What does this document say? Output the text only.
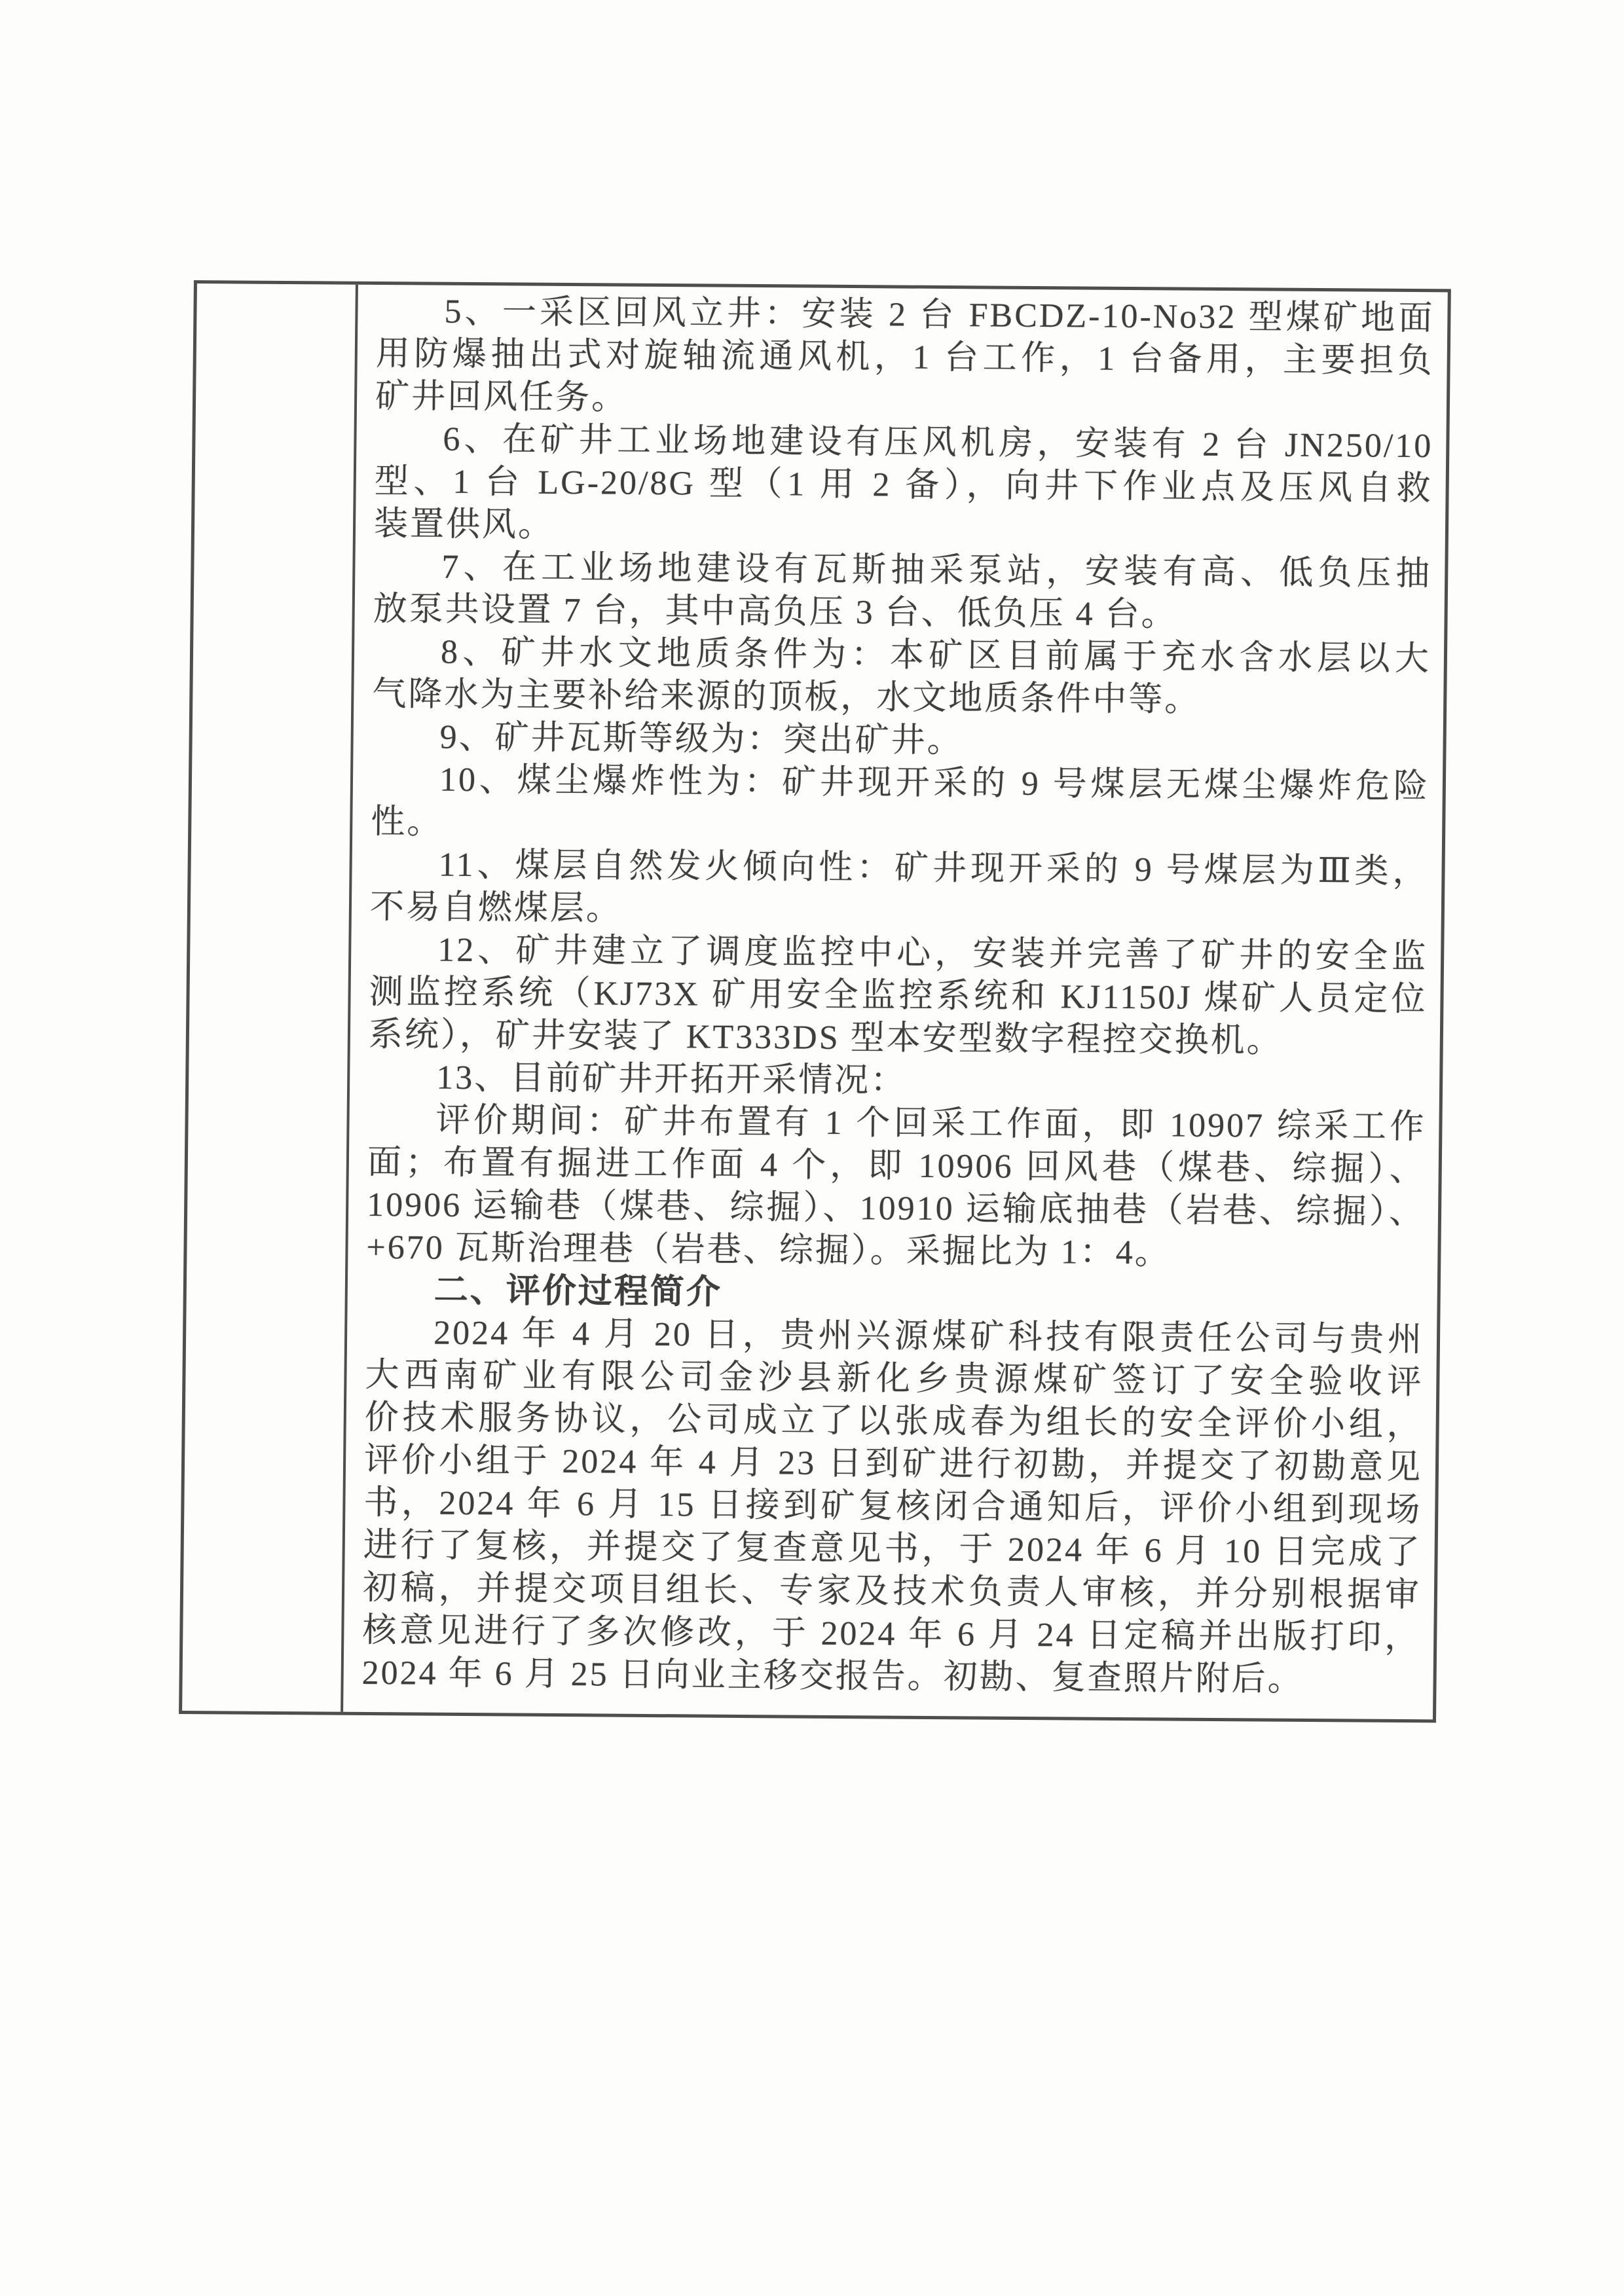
5、一采区回风立井：安装 2 台 FBCDZ-10-No32 型煤矿地面
用防爆抽出式对旋轴流通风机，1 台工作，1 台备用，主要担负
矿井回风任务。
6、在矿井工业场地建设有压风机房，安装有 2 台 JN250/10
型、1 台 LG-20/8G 型（1 用 2 备），向井下作业点及压风自救
装置供风。
7、在工业场地建设有瓦斯抽采泵站，安装有高、低负压抽
放泵共设置 7 台，其中高负压 3 台、低负压 4 台。
8、矿井水文地质条件为：本矿区目前属于充水含水层以大
气降水为主要补给来源的顶板，水文地质条件中等。
9、矿井瓦斯等级为：突出矿井。
10、煤尘爆炸性为：矿井现开采的 9 号煤层无煤尘爆炸危险
性。
11、煤层自然发火倾向性：矿井现开采的 9 号煤层为Ⅲ类，
不易自燃煤层。
12、矿井建立了调度监控中心，安装并完善了矿井的安全监
测监控系统（KJ73X 矿用安全监控系统和 KJ1150J 煤矿人员定位
系统），矿井安装了 KT333DS 型本安型数字程控交换机。
13、目前矿井开拓开采情况：
评价期间：矿井布置有 1 个回采工作面，即 10907 综采工作
面；布置有掘进工作面 4 个，即 10906 回风巷（煤巷、综掘）、
10906 运输巷（煤巷、综掘）、10910 运输底抽巷（岩巷、综掘）、
+670 瓦斯治理巷（岩巷、综掘）。采掘比为 1：4。
二、评价过程简介
2024 年 4 月 20 日，贵州兴源煤矿科技有限责任公司与贵州
大西南矿业有限公司金沙县新化乡贵源煤矿签订了安全验收评
价技术服务协议，公司成立了以张成春为组长的安全评价小组，
评价小组于 2024 年 4 月 23 日到矿进行初勘，并提交了初勘意见
书，2024 年 6 月 15 日接到矿复核闭合通知后，评价小组到现场
进行了复核，并提交了复查意见书，于 2024 年 6 月 10 日完成了
初稿，并提交项目组长、专家及技术负责人审核，并分别根据审
核意见进行了多次修改，于 2024 年 6 月 24 日定稿并出版打印，
2024 年 6 月 25 日向业主移交报告。初勘、复查照片附后。
